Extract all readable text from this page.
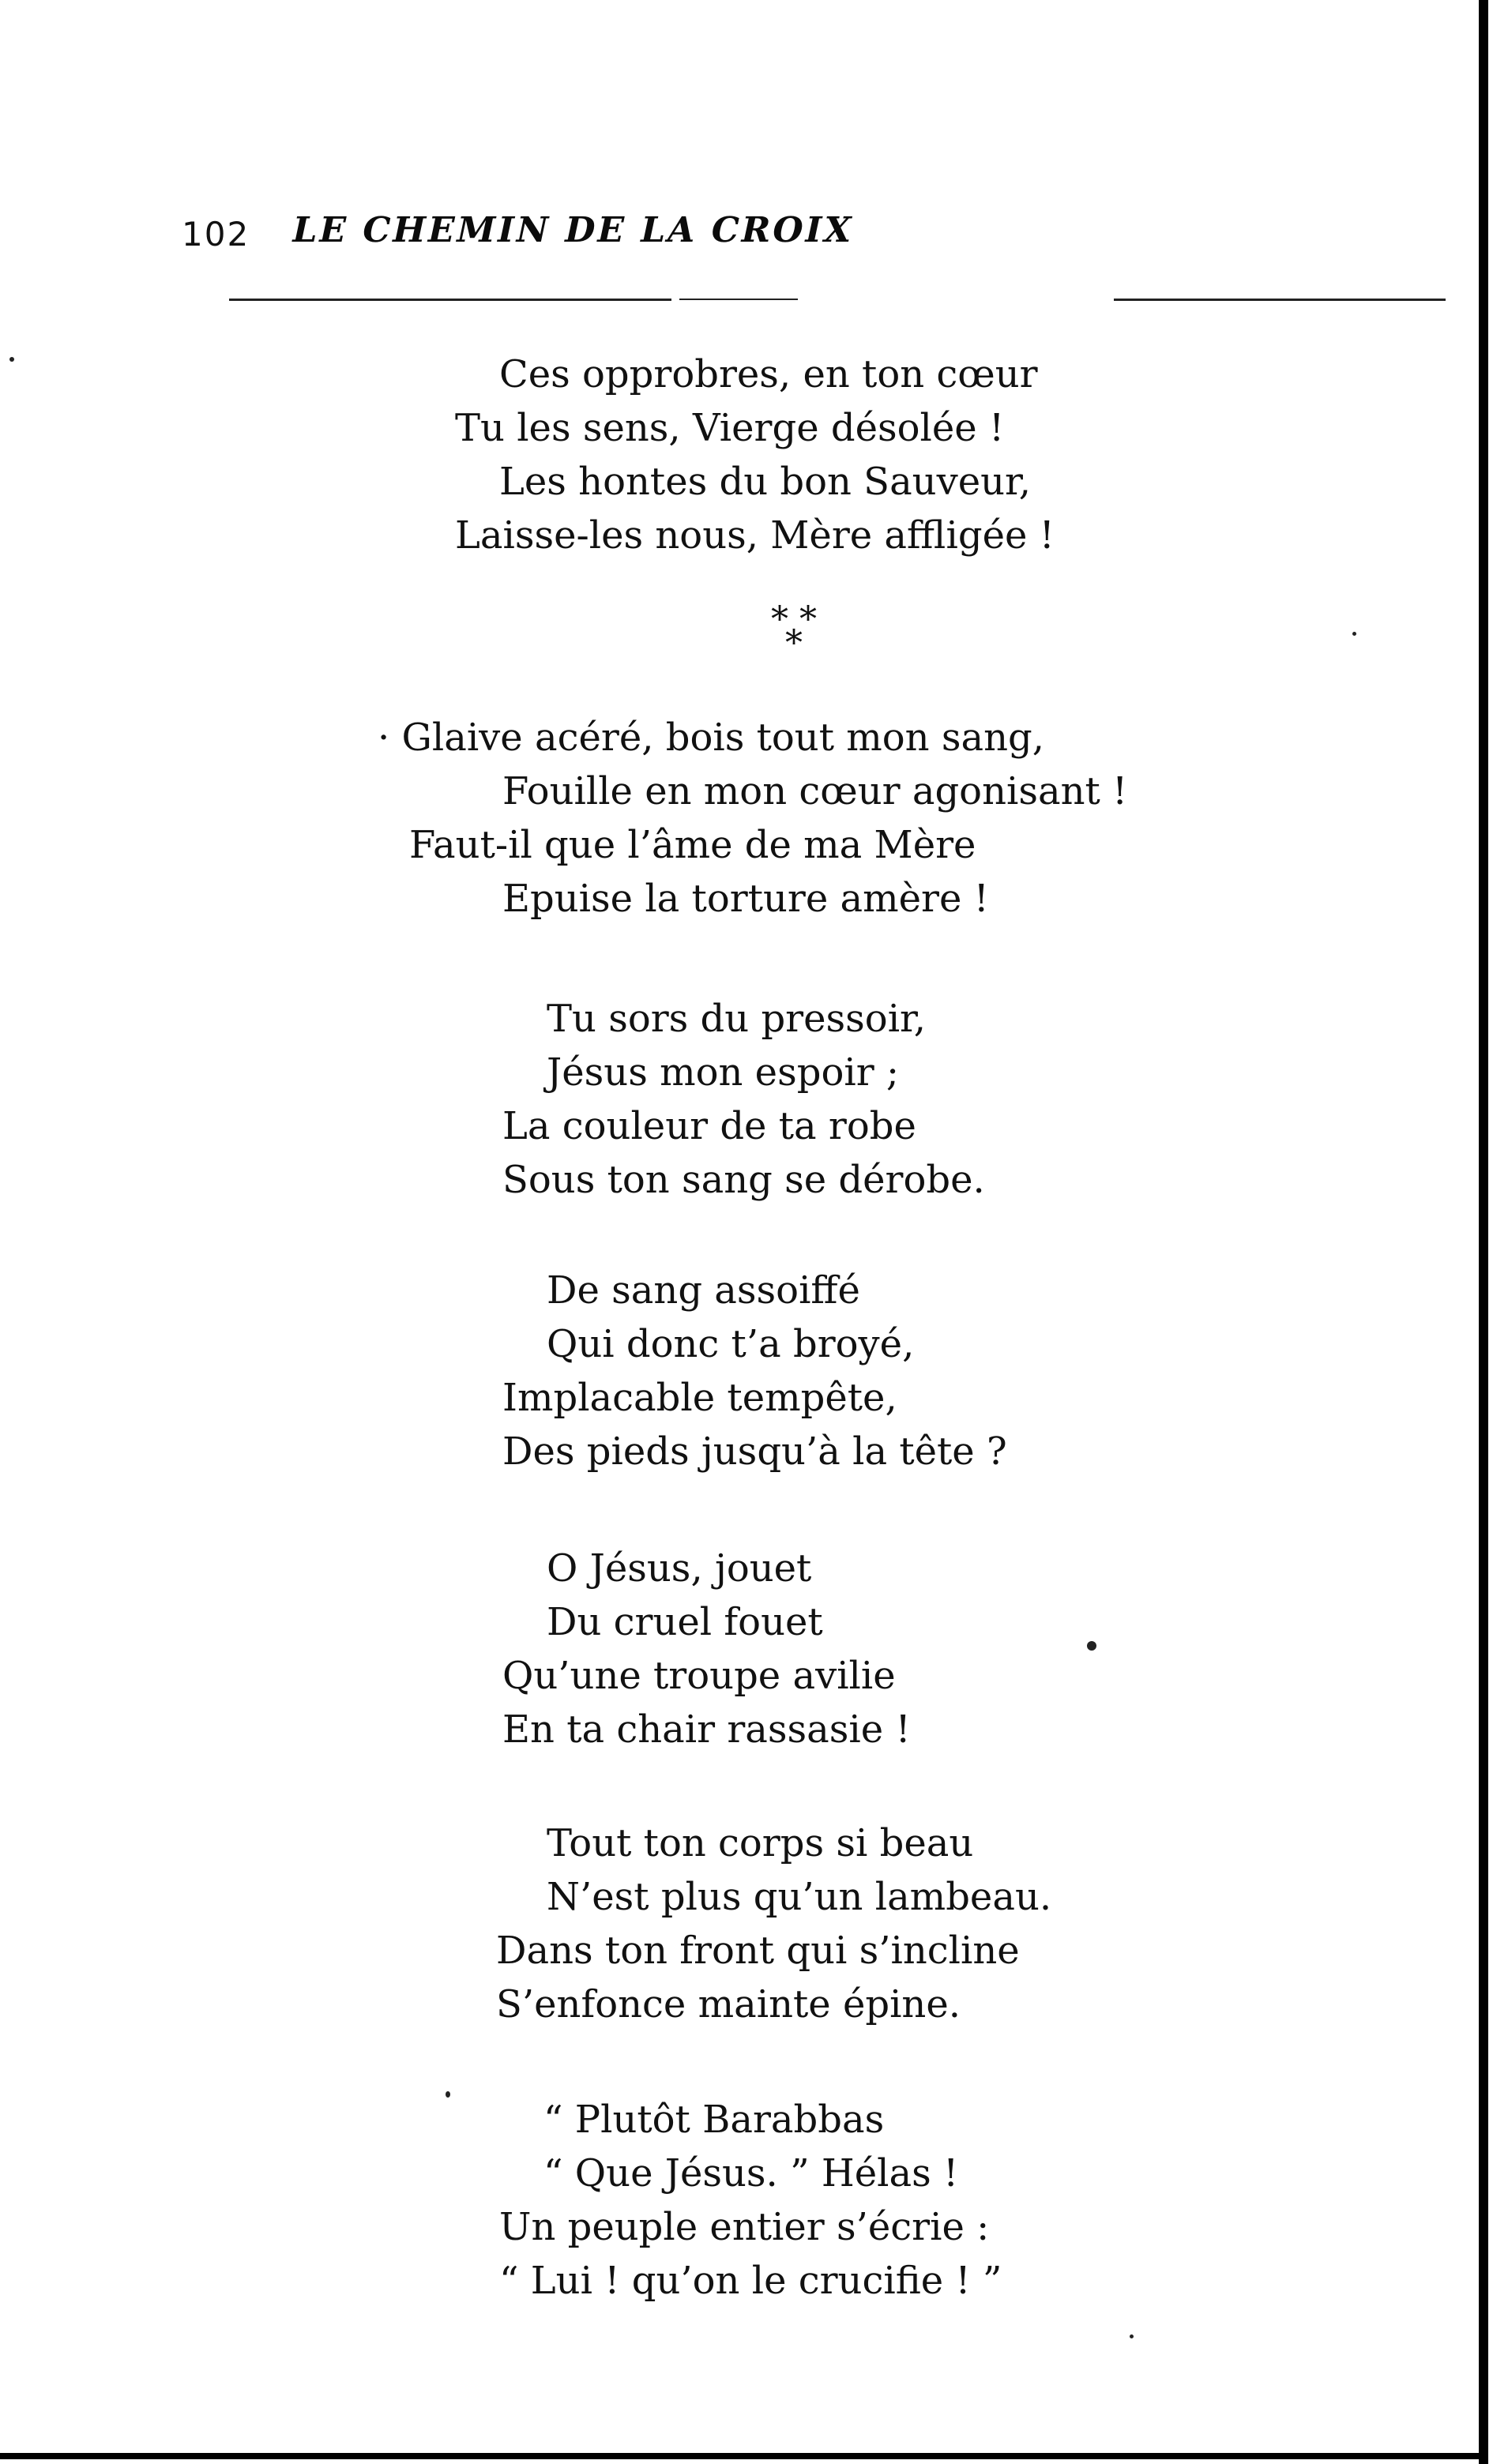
102 LE CHEMIN DE LA CROIX
Ces opprobres, en ton cœur
Tu les sens, Vierge désolée !
Les hontes du bon Sauveur,
Laisse-les nous, Mère affligée !
* * *
· Glaive acéré, bois tout mon sang,
Fouille en mon cœur agonisant !
Faut-il que l’âme de ma Mère
Epuise la torture amère !
Tu sors du pressoir,
Jésus mon espoir ;
La couleur de ta robe
Sous ton sang se dérobe.
De sang assoiffé
Qui donc t’a broyé,
Implacable tempête,
Des pieds jusqu’à la tête ?
O Jésus, jouet
Du cruel fouet
Qu’une troupe avilie
En ta chair rassasie !
Tout ton corps si beau
N’est plus qu’un lambeau.
Dans ton front qui s’incline
S’enfonce mainte épine.
“ Plutôt Barabbas
“ Que Jésus. ” Hélas !
Un peuple entier s’écrie :
“ Lui ! qu’on le crucifie ! ”
